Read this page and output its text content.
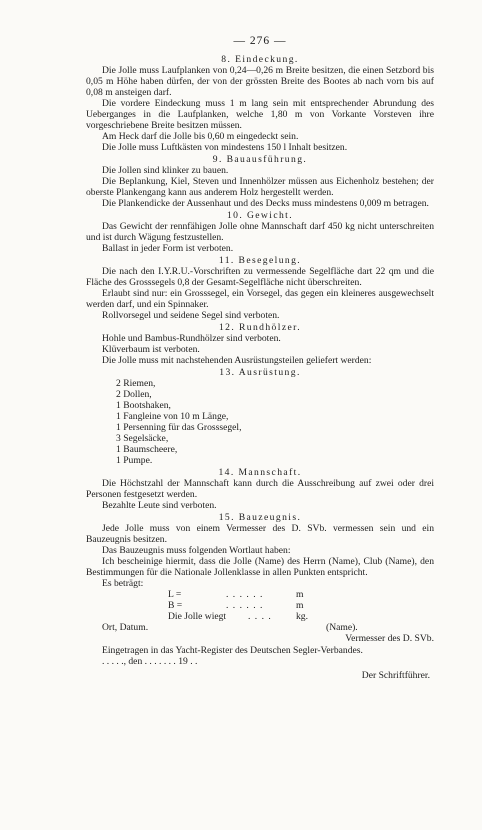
— 276 —
8. Eindeckung.

Die Jolle muss Laufplanken von 0,24—0,26 m Breite besitzen, die einen Setzbord bis 0,05 m Höhe haben dürfen, der von der grössten Breite des Bootes ab nach vorn bis auf 0,08 m ansteigen darf.

Die vordere Eindeckung muss 1 m lang sein mit entsprechender Abrundung des Ueberganges in die Laufplanken, welche 1,80 m von Vorkante Vorsteven ihre vorgeschriebene Breite besitzen müssen.

Am Heck darf die Jolle bis 0,60 m eingedeckt sein.

Die Jolle muss Luftkästen von mindestens 150 l Inhalt besitzen.

9. Bauausführung.

Die Jollen sind klinker zu bauen.

Die Beplankung, Kiel, Steven und Innenhölzer müssen aus Eichenholz bestehen; der oberste Plankengang kann aus anderem Holz hergestellt werden.

Die Plankendicke der Aussenhaut und des Decks muss mindestens 0,009 m betragen.

10. Gewicht.

Das Gewicht der rennfähigen Jolle ohne Mannschaft darf 450 kg nicht unterschreiten und ist durch Wägung festzustellen.

Ballast in jeder Form ist verboten.

11. Besegelung.

Die nach den I.Y.R.U.-Vorschriften zu vermessende Segelfläche dart 22 qm und die Fläche des Grosssegels 0,8 der Gesamt-Segelfläche nicht überschreiten.

Erlaubt sind nur: ein Grosssegel, ein Vorsegel, das gegen ein kleineres ausgewechselt werden darf, und ein Spinnaker.

Rollvorsegel und seidene Segel sind verboten.

12. Rundhölzer.

Hohle und Bambus-Rundhölzer sind verboten.

Klüverbaum ist verboten.

Die Jolle muss mit nachstehenden Ausrüstungsteilen geliefert werden:

13. Ausrüstung.
2 Riemen,
2 Dollen,
1 Bootshaken,
1 Fangleine von 10 m Länge,
1 Persenning für das Grosssegel,
3 Segelsäcke,
1 Baumscheere,
1 Pumpe.
14. Mannschaft.

Die Höchstzahl der Mannschaft kann durch die Ausschreibung auf zwei oder drei Personen festgesetzt werden.

Bezahlte Leute sind verboten.

15. Bauzeugnis.

Jede Jolle muss von einem Vermesser des D. SVb. vermessen sein und ein Bauzeugnis besitzen.

Das Bauzeugnis muss folgenden Wortlaut haben:

Ich bescheinige hiermit, dass die Jolle (Name) des Herrn (Name), Club (Name), den Bestimmungen für die Nationale Jollenklasse in allen Punkten entspricht.

Es beträgt:

L =	. . . . . .	m
B =	. . . . . .	m
Die Jolle wiegt . . . .	kg.
Ort, Datum.	(Name).
Vermesser des D. SVb.

Eingetragen in das Yacht-Register des Deutschen Segler-Verbandes.

. . . . ., den . . . . . . . 19 . .
Der Schriftführer.
